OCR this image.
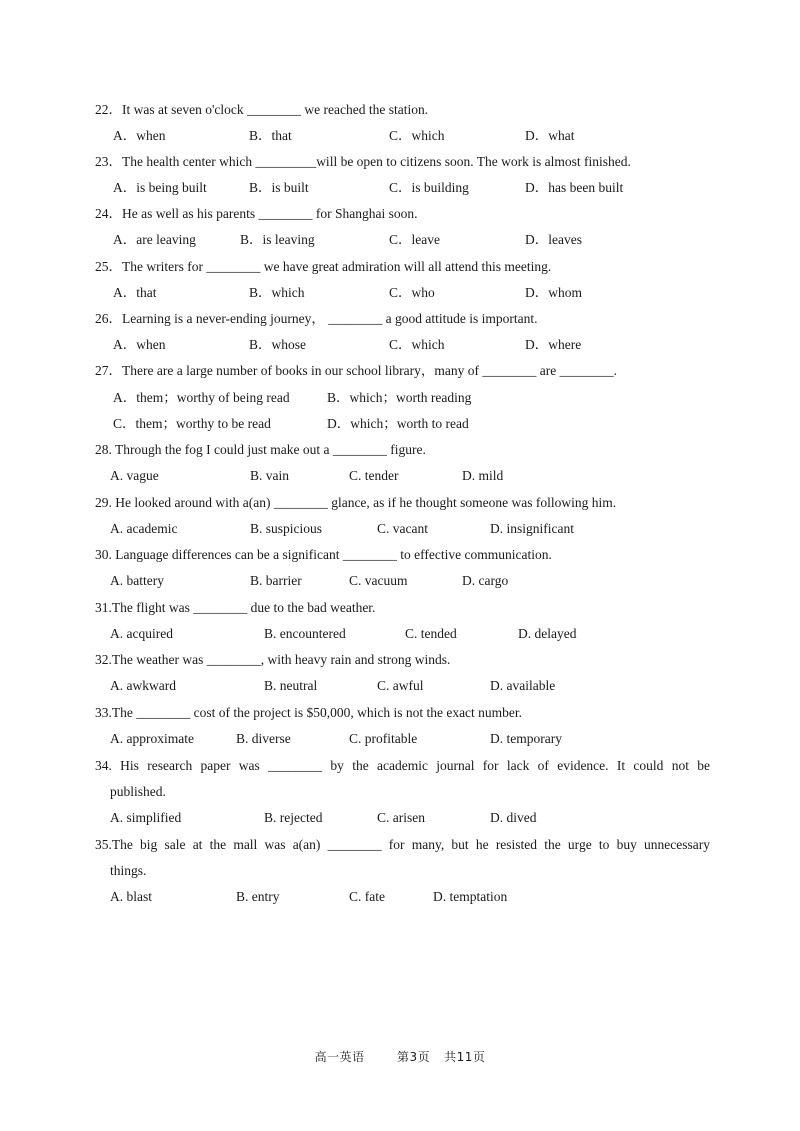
22．It was at seven o'clock ________ we reached the station.
A．when	B．that	C．which	D．what
23．The health center which _________will be open to citizens soon. The work is almost finished.
A．is being built	B．is built	C．is building	D．has been built
24．He as well as his parents ________ for Shanghai soon.
A．are leaving	B．is leaving	C．leave	D．leaves
25．The writers for ________ we have great admiration will all attend this meeting.
A．that	B．which	C．who	D．whom
26．Learning is a never-ending journey， ________ a good attitude is important.
A．when	B．whose	C．which	D．where
27．There are a large number of books in our school library，many of ________ are ________.
A．them；worthy of being read	B．which；worth reading
C．them；worthy to be read	D．which；worth to read
28. Through the fog I could just make out a ________ figure.
A. vague	B. vain	C. tender	D. mild
29. He looked around with a(an) ________ glance, as if he thought someone was following him.
A. academic	B. suspicious	C. vacant	D. insignificant
30. Language differences can be a significant ________ to effective communication.
A. battery	B. barrier	C. vacuum	D. cargo
31.The flight was ________ due to the bad weather.
A. acquired	B. encountered	C. tended	D. delayed
32.The weather was ________, with heavy rain and strong winds.
A. awkward	B. neutral	C. awful	D. available
33.The ________ cost of the project is $50,000, which is not the exact number.
A. approximate	B. diverse	C. profitable	D. temporary
34. His research paper was ________ by the academic journal for lack of evidence. It could not be
published.
A. simplified	B. rejected	C. arisen	D. dived
35.The big sale at the mall was a(an) ________ for many, but he resisted the urge to buy unnecessary
things.
A. blast	B. entry	C. fate	D. temptation
高一英语	第3页 共11页
